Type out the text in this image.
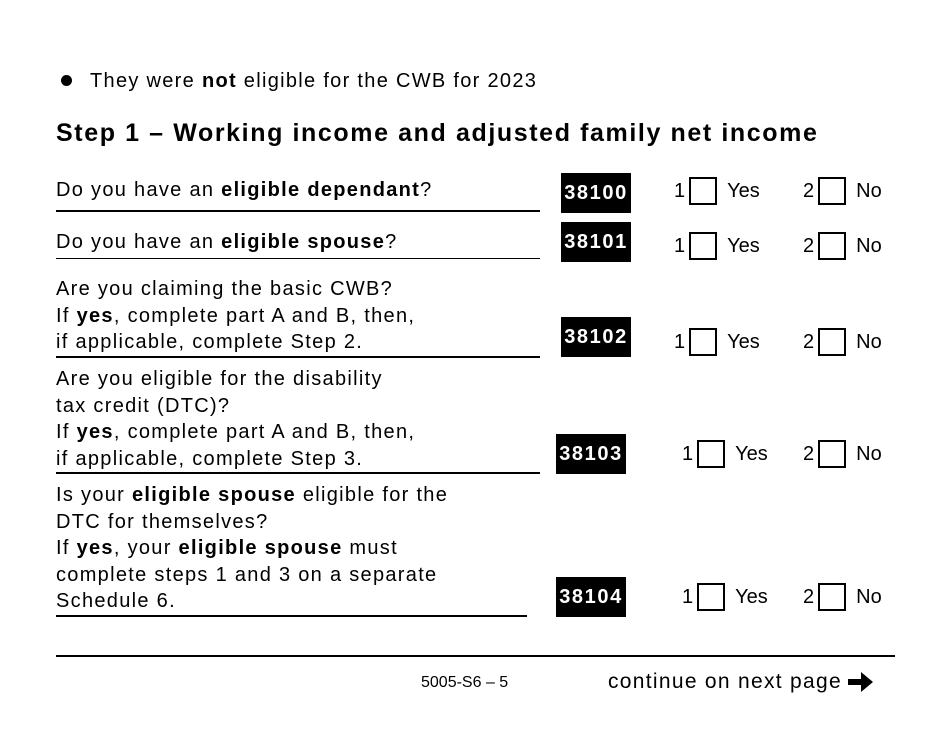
They were not eligible for the CWB for 2023
Step 1 – Working income and adjusted family net income
Do you have an eligible dependant?	38100 1 Yes 2 No
Do you have an eligible spouse?	38101 1 Yes 2 No
Are you claiming the basic CWB?
If yes, complete part A and B, then,
if applicable, complete Step 2.	38102 1 Yes 2 No
Are you eligible for the disability
tax credit (DTC)?
If yes, complete part A and B, then,
if applicable, complete Step 3.	38103	1 Yes 2 No
Is your eligible spouse eligible for the
DTC for themselves?
If yes, your eligible spouse must
complete steps 1 and 3 on a separate
Schedule 6.	38104	1 Yes 2 No
5005-S6 – 5	continue on next page
